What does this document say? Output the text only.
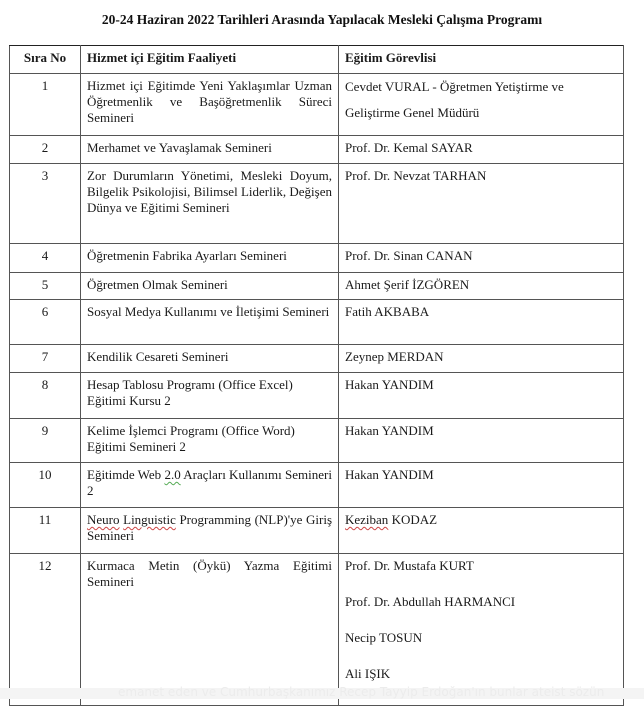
20-24 Haziran 2022 Tarihleri Arasında Yapılacak Mesleki Çalışma Programı
Sıra No	Hizmet içi Eğitim Faaliyeti	Eğitim Görevlisi
1	Hizmet içi Eğitimde Yeni Yaklaşımlar Uzman Öğretmenlik ve Başöğretmenlik Süreci Semineri	Cevdet VURAL - Öğretmen Yetiştirme ve Geliştirme Genel Müdürü

2	Merhamet ve Yavaşlamak Semineri	Prof. Dr. Kemal SAYAR
3	Zor Durumların Yönetimi, Mesleki Doyum, Bilgelik Psikolojisi, Bilimsel Liderlik, Değişen Dünya ve Eğitimi Semineri	Prof. Dr. Nevzat TARHAN
4	Öğretmenin Fabrika Ayarları Semineri	Prof. Dr. Sinan CANAN
5	Öğretmen Olmak Semineri	Ahmet Şerif İZGÖREN
6	Sosyal Medya Kullanımı ve İletişimi Semineri	Fatih AKBABA
7	Kendilik Cesareti Semineri	Zeynep MERDAN
8	Hesap Tablosu Programı (Office Excel) Eğitimi Kursu 2	Hakan YANDIM
9	Kelime İşlemci Programı (Office Word) Eğitimi Semineri 2	Hakan YANDIM
10	Eğitimde Web 2.0 Araçları Kullanımı Semineri 2	Hakan YANDIM
11	Neuro Linguistic Programming (NLP)'ye Giriş Semineri	Keziban KODAZ
12	Kurmaca Metin (Öykü) Yazma Eğitimi Semineri	Prof. Dr. Mustafa KURT
Prof. Dr. Abdullah HARMANCI
Necip TOSUN
Ali IŞIK
emanet eden ve Cumhurbaşkanımız Recep Tayyip Erdoğan'ın bunlar ateist sözün
